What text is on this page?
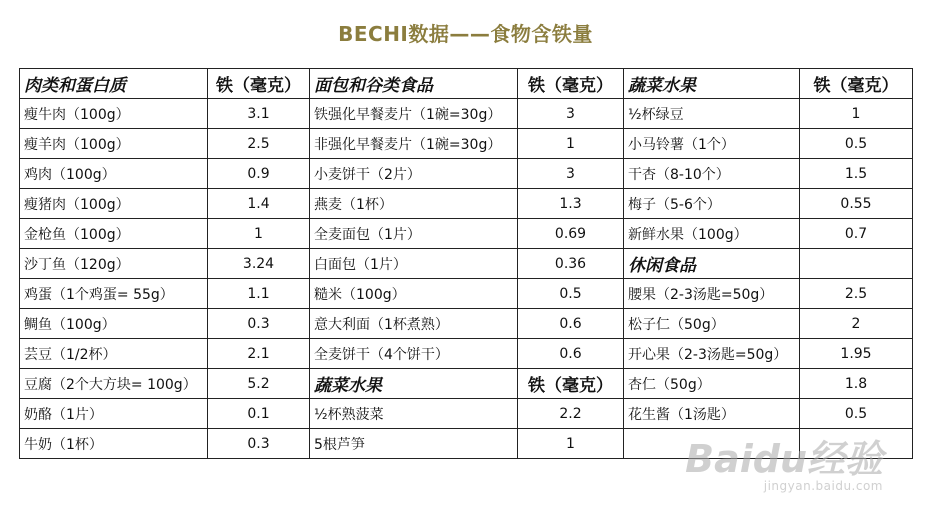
BECHI数据——食物含铁量
肉类和蛋白质	铁（毫克）	面包和谷类食品	铁（毫克）	蔬菜水果	铁（毫克）
瘦牛肉（100g）	3.1	铁强化早餐麦片（1碗=30g）	3	½杯绿豆	1
瘦羊肉（100g）	2.5	非强化早餐麦片（1碗=30g）	1	小马铃薯（1个）	0.5
鸡肉（100g）	0.9	小麦饼干（2片）	3	干杏（8-10个）	1.5
瘦猪肉（100g）	1.4	燕麦（1杯）	1.3	梅子（5-6个）	0.55
金枪鱼（100g）	1	全麦面包（1片）	0.69	新鲜水果（100g）	0.7
沙丁鱼（120g）	3.24	白面包（1片）	0.36	休闲食品	
鸡蛋（1个鸡蛋= 55g）	1.1	糙米（100g）	0.5	腰果（2-3汤匙=50g）	2.5
鲷鱼（100g）	0.3	意大利面（1杯煮熟）	0.6	松子仁（50g）	2
芸豆（1/2杯）	2.1	全麦饼干（4个饼干）	0.6	开心果（2-3汤匙=50g）	1.95
豆腐（2个大方块= 100g）	5.2	蔬菜水果	铁（毫克）	杏仁（50g）	1.8
奶酪（1片）	0.1	½杯熟菠菜	2.2	花生酱（1汤匙）	0.5
牛奶（1杯）	0.3	5根芦笋	1			Baidu经验
jingyan.baidu.com
